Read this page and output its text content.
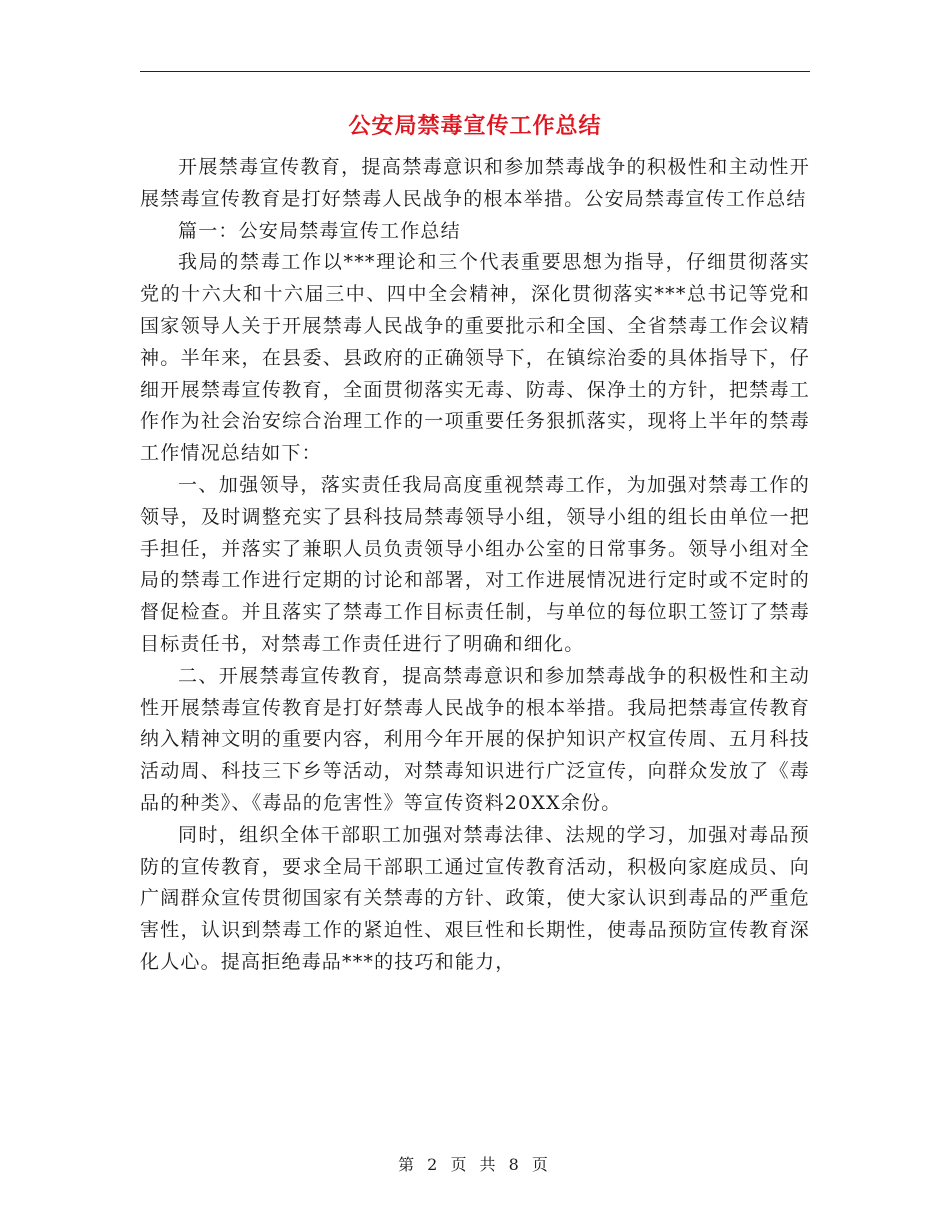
公安局禁毒宣传工作总结

开展禁毒宣传教育，提高禁毒意识和参加禁毒战争的积极性和主动性开展禁毒宣传教育是打好禁毒人民战争的根本举措。公安局禁毒宣传工作总结

篇一：公安局禁毒宣传工作总结

我局的禁毒工作以***理论和三个代表重要思想为指导，仔细贯彻落实党的十六大和十六届三中、四中全会精神，深化贯彻落实***总书记等党和国家领导人关于开展禁毒人民战争的重要批示和全国、全省禁毒工作会议精神。半年来，在县委、县政府的正确领导下，在镇综治委的具体指导下，仔细开展禁毒宣传教育，全面贯彻落实无毒、防毒、保净土的方针，把禁毒工作作为社会治安综合治理工作的一项重要任务狠抓落实，现将上半年的禁毒工作情况总结如下：

一、加强领导，落实责任我局高度重视禁毒工作，为加强对禁毒工作的领导，及时调整充实了县科技局禁毒领导小组，领导小组的组长由单位一把手担任，并落实了兼职人员负责领导小组办公室的日常事务。领导小组对全局的禁毒工作进行定期的讨论和部署，对工作进展情况进行定时或不定时的督促检查。并且落实了禁毒工作目标责任制，与单位的每位职工签订了禁毒目标责任书，对禁毒工作责任进行了明确和细化。

二、开展禁毒宣传教育，提高禁毒意识和参加禁毒战争的积极性和主动性开展禁毒宣传教育是打好禁毒人民战争的根本举措。我局把禁毒宣传教育纳入精神文明的重要内容，利用今年开展的保护知识产权宣传周、五月科技活动周、科技三下乡等活动，对禁毒知识进行广泛宣传，向群众发放了《毒品的种类》、《毒品的危害性》等宣传资料20XX余份。

同时，组织全体干部职工加强对禁毒法律、法规的学习，加强对毒品预防的宣传教育，要求全局干部职工通过宣传教育活动，积极向家庭成员、向广阔群众宣传贯彻国家有关禁毒的方针、政策，使大家认识到毒品的严重危害性，认识到禁毒工作的紧迫性、艰巨性和长期性，使毒品预防宣传教育深化人心。提高拒绝毒品***的技巧和能力，

第 2 页 共 8 页
